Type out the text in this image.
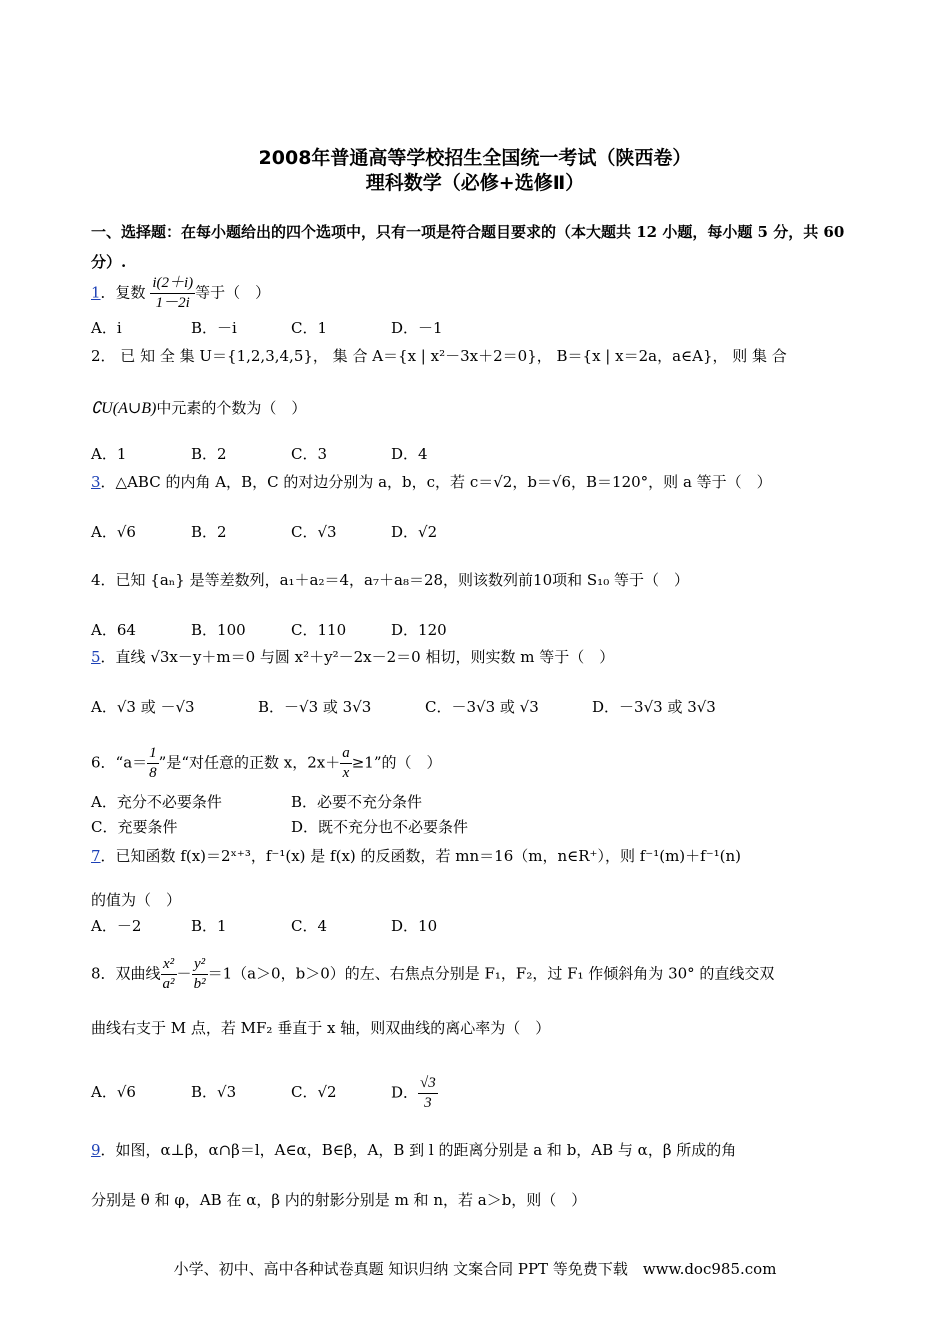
2008年普通高等学校招生全国统一考试（陕西卷）
理科数学（必修+选修Ⅱ）
一、选择题：在每小题给出的四个选项中，只有一项是符合题目要求的（本大题共 12 小题，每小题 5 分，共 60 分）.
1．复数 $\frac{i(2+i)}{1-2i}$ 等于（　）
A．i	B．－i	C．1	D．－1
2． 已 知 全 集 U＝{1,2,3,4,5}， 集 合 A＝{x | x²－3x＋2＝0}， B＝{x | x＝2a，a∈A}， 则 集 合
∁U(A∪B)中元素的个数为（　）
A．1	B．2	C．3	D．4
3．△ABC 的内角 A，B，C 的对边分别为 a，b，c，若 c＝√2，b＝√6，B＝120°，则 a 等于（　）
A．√6	B．2	C．√3	D．√2
4．已知 {aₙ} 是等差数列，a₁＋a₂＝4，a₇＋a₈＝28，则该数列前10项和 S₁₀ 等于（　）
A．64	B．100	C．110	D．120
5．直线 √3x－y＋m＝0 与圆 x²＋y²－2x－2＝0 相切，则实数 m 等于（　）
A．√3 或 －√3	B．－√3 或 3√3	C．－3√3 或 √3	D．－3√3 或 3√3
6．“$a= \frac{1}{8}$ ”是“对任意的正数 x，$2x+ \frac{a}{x} \ge 1$”的（　）
A．充分不必要条件	B．必要不充分条件
C．充要条件	D．既不充分也不必要条件
7．已知函数 f(x)＝2ˣ⁺³，f⁻¹(x) 是 f(x) 的反函数，若 mn＝16（m，n∈R⁺），则 f⁻¹(m)＋f⁻¹(n)
的值为（　）
A．－2	B．1	C．4	D．10
8．双曲线 $\frac{\text{x²}}{\text{a²}} - \frac{\text{y²}}{\text{b²}} =1(a>0$，b＞0）的左、右焦点分别是 F₁，F₂，过 F₁ 作倾斜角为 30° 的直线交双
曲线右支于 M 点，若 MF₂ 垂直于 x 轴，则双曲线的离心率为（　）
A．√6	B．√3	C．√2	D． $\frac{√3}{3}$
9．如图，α⊥β，α∩β＝l，A∈α，B∈β，A，B 到 l 的距离分别是 a 和 b，AB 与 α，β 所成的角
分别是 θ 和 φ，AB 在 α，β 内的射影分别是 m 和 n，若 a＞b，则（　）
小学、初中、高中各种试卷真题 知识归纳 文案合同 PPT 等免费下载　www.doc985.com
